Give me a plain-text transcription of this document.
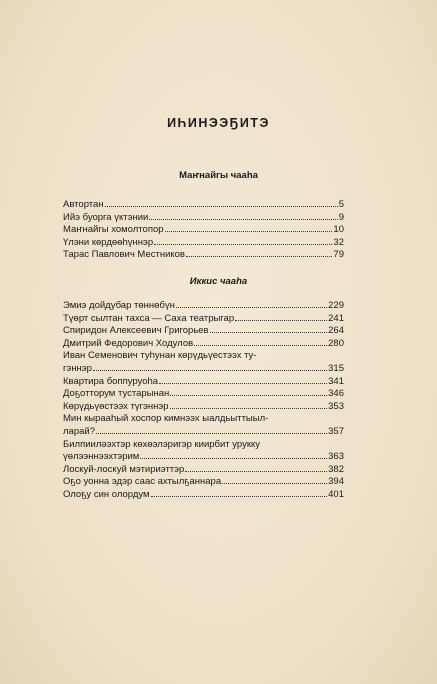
ИҺИНЭЭҔИТЭ
Маҥнайгы чааһа
Автортан	5
Ийэ буорга үктэнии	9
Маҥнайгы хомолтопор	10
Үлэни көрдөөһүннэр	32
Тарас Павлович Местников	79
Иккис чааһа
Эмиэ дойдубар төннөбүн	229
Түөрт сылтан тахса — Саха театрыгар	241
Спиридон Алексеевич Григорьев	264
Дмитрий Федорович Ходулов	280
Иван Семенович туһунан көрүдьүестээх ту-
гэннэр	315
Квартира боппуруоһа	341
Доҕотторум тустарынан	346
Көрүдьүөстээх түгэннэр	353
Мин кырааһый хоспор кимнээх ыалдьыттыыл-
ларай?	357
Билпииләэхтэр көхөэлэригэр киирбит урукку
үөлээннээхтэрим	363
Лоскуй-лоскуй мэтириэттэр	382
Оҕо уонна эдэр саас ахтылҕаннара	394
Олоҕу син олордум	401
